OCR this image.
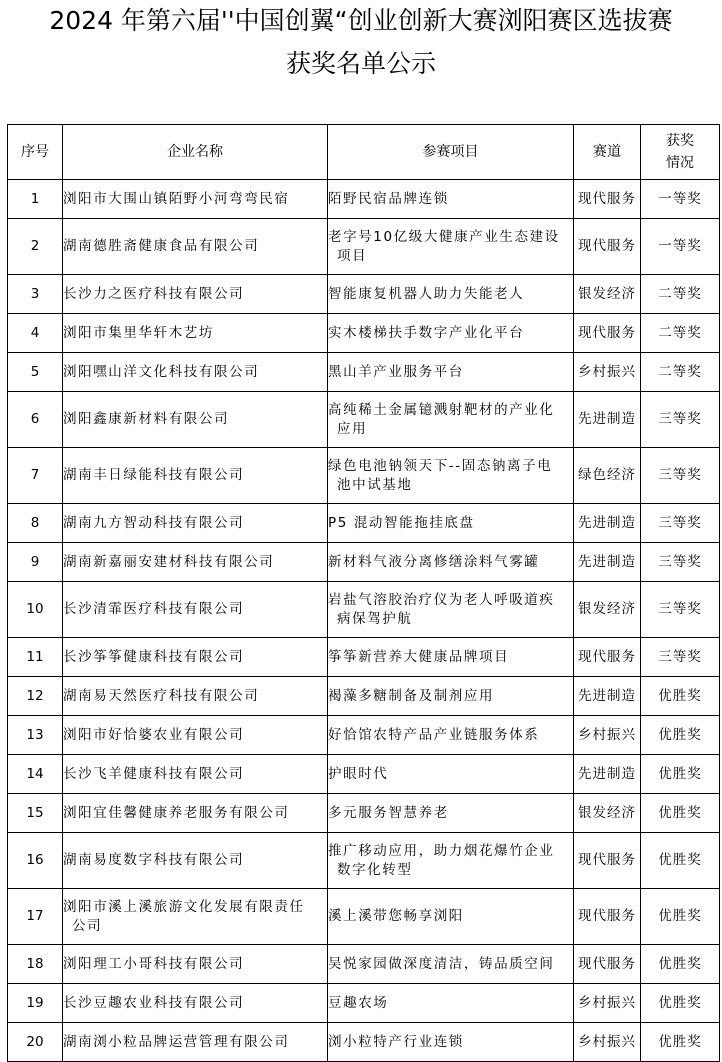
2024 年第六届''中国创翼“创业创新大赛浏阳赛区选拔赛
获奖名单公示
序号	企业名称	参赛项目	赛道	获奖
情况

1	浏阳市大围山镇陌野小河弯弯民宿	陌野民宿品牌连锁	现代服务	一等奖
2	湖南德胜斋健康食品有限公司	老字号10亿级大健康产业生态建设
项目	现代服务	一等奖
3	长沙力之医疗科技有限公司	智能康复机器人助力失能老人	银发经济	二等奖
4	浏阳市集里华轩木艺坊	实木楼梯扶手数字产业化平台	现代服务	二等奖
5	浏阳嘿山洋文化科技有限公司	黑山羊产业服务平台	乡村振兴	二等奖
6	浏阳鑫康新材料有限公司	高纯稀土金属镱溅射靶材的产业化
应用	先进制造	三等奖
7	湖南丰日绿能科技有限公司	绿色电池钠领天下--固态钠离子电
池中试基地	绿色经济	三等奖
8	湖南九方智动科技有限公司	P5 混动智能拖挂底盘	先进制造	三等奖
9	湖南新嘉丽安建材科技有限公司	新材料气液分离修缮涂料气雾罐	先进制造	三等奖
10	长沙清霏医疗科技有限公司	岩盐气溶胶治疗仪为老人呼吸道疾
病保驾护航	银发经济	三等奖
11	长沙筝筝健康科技有限公司	筝筝新营养大健康品牌项目	现代服务	三等奖
12	湖南易天然医疗科技有限公司	褐藻多糖制备及制剂应用	先进制造	优胜奖
13	浏阳市好恰婆农业有限公司	好恰馆农特产品产业链服务体系	乡村振兴	优胜奖
14	长沙飞羊健康科技有限公司	护眼时代	先进制造	优胜奖
15	浏阳宜佳馨健康养老服务有限公司	多元服务智慧养老	银发经济	优胜奖
16	湖南易度数字科技有限公司	推广移动应用，助力烟花爆竹企业
数字化转型	现代服务	优胜奖
17	浏阳市溪上溪旅游文化发展有限责任
公司	溪上溪带您畅享浏阳	现代服务	优胜奖
18	浏阳理工小哥科技有限公司	吴悦家园做深度清洁，铸品质空间	现代服务	优胜奖
19	长沙豆趣农业科技有限公司	豆趣农场	乡村振兴	优胜奖
20	湖南浏小粒品牌运营管理有限公司	浏小粒特产行业连锁	乡村振兴	优胜奖
